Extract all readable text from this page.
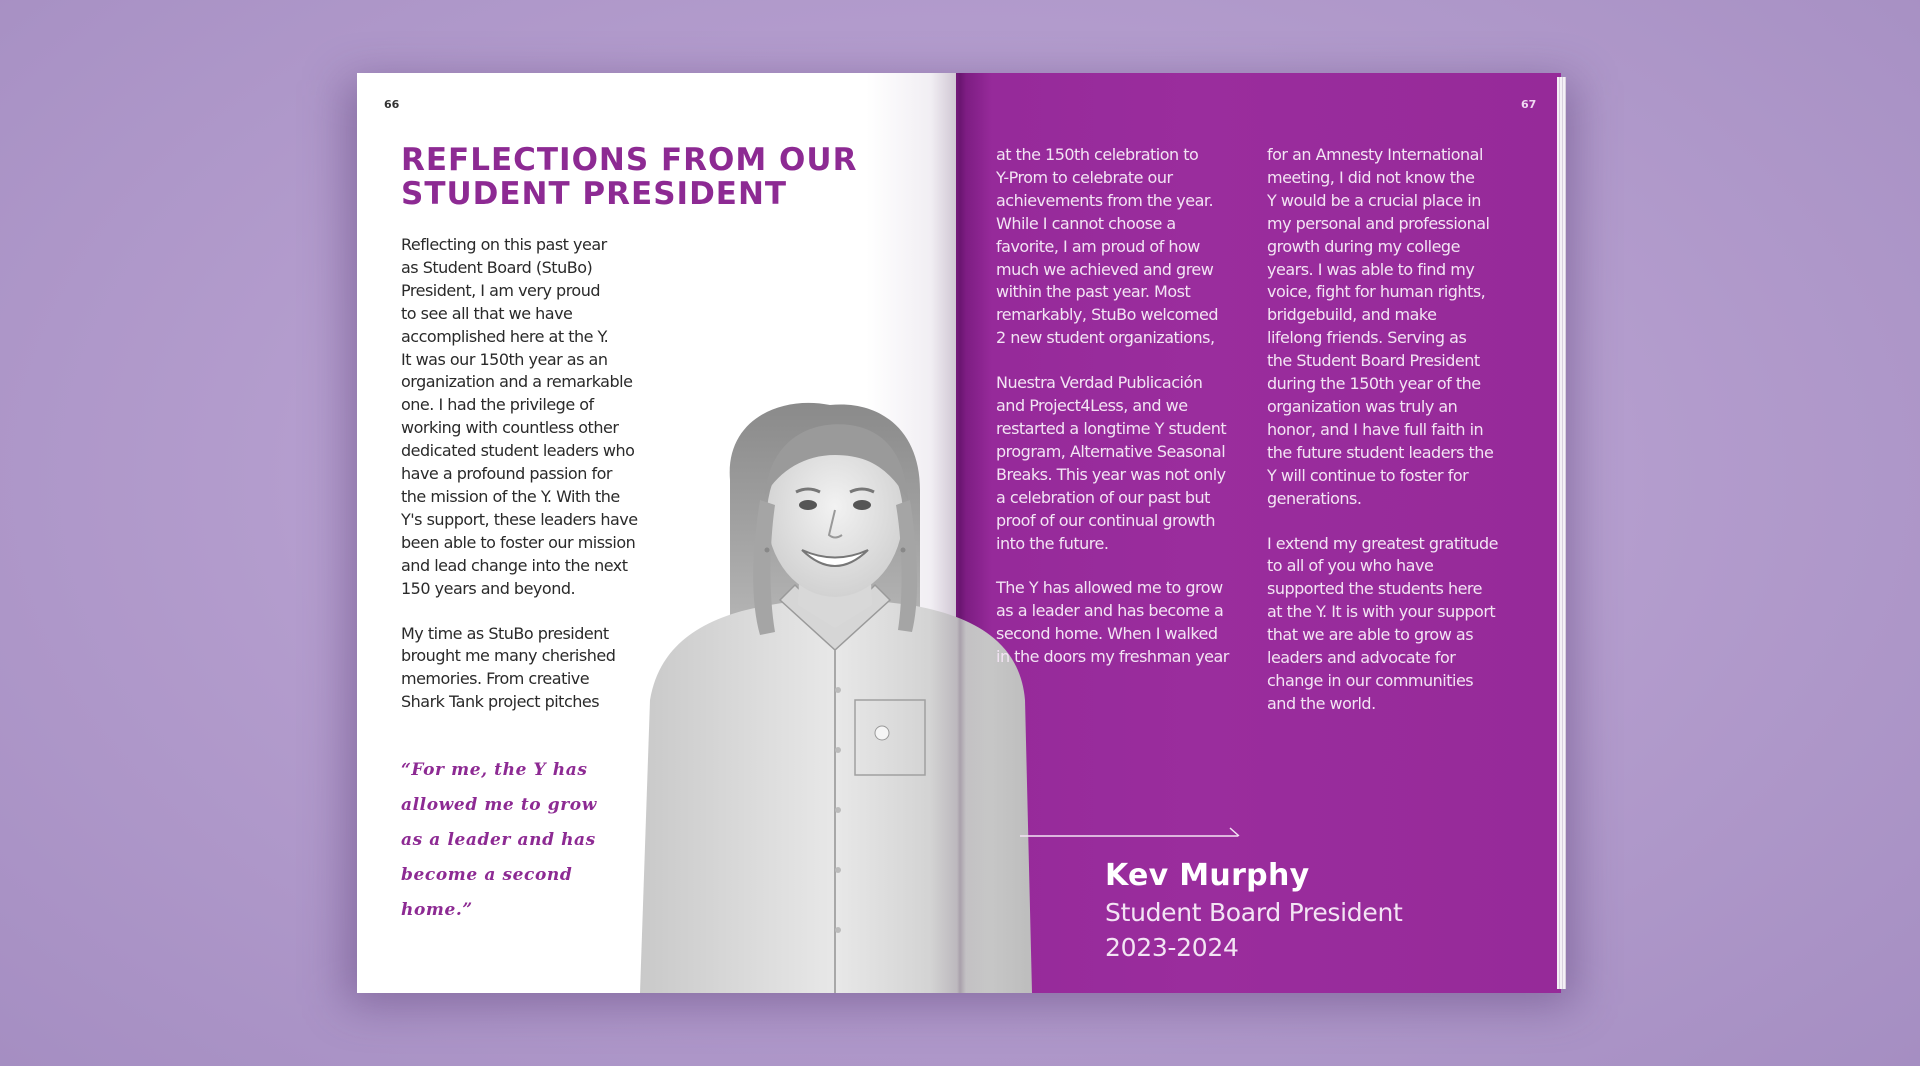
66	67
REFLECTIONS FROM OUR STUDENT PRESIDENT

Reflecting on this past year
as Student Board (StuBo)
President, I am very proud
to see all that we have
accomplished here at the Y.
It was our 150th year as an
organization and a remarkable
one. I had the privilege of
working with countless other
dedicated student leaders who
have a profound passion for
the mission of the Y. With the
Y's support, these leaders have
been able to foster our mission
and lead change into the next
150 years and beyond.

My time as StuBo president
brought me many cherished
memories. From creative
Shark Tank project pitches

“For me, the Y has
allowed me to grow
as a leader and has
become a second
home.”

at the 150th celebration to
Y-Prom to celebrate our
achievements from the year.
While I cannot choose a
favorite, I am proud of how
much we achieved and grew
within the past year. Most
remarkably, StuBo welcomed
2 new student organizations,

Nuestra Verdad Publicación
and Project4Less, and we
restarted a longtime Y student
program, Alternative Seasonal
Breaks. This year was not only
a celebration of our past but
proof of our continual growth
into the future.

The Y has allowed me to grow
as a leader and has become a
second home. When I walked
in the doors my freshman year

for an Amnesty International
meeting, I did not know the
Y would be a crucial place in
my personal and professional
growth during my college
years. I was able to find my
voice, fight for human rights,
bridgebuild, and make
lifelong friends. Serving as
the Student Board President
during the 150th year of the
organization was truly an
honor, and I have full faith in
the future student leaders the
Y will continue to foster for
generations.

I extend my greatest gratitude
to all of you who have
supported the students here
at the Y. It is with your support
that we are able to grow as
leaders and advocate for
change in our communities
and the world.

Kev Murphy

Student Board President

2023-2024
